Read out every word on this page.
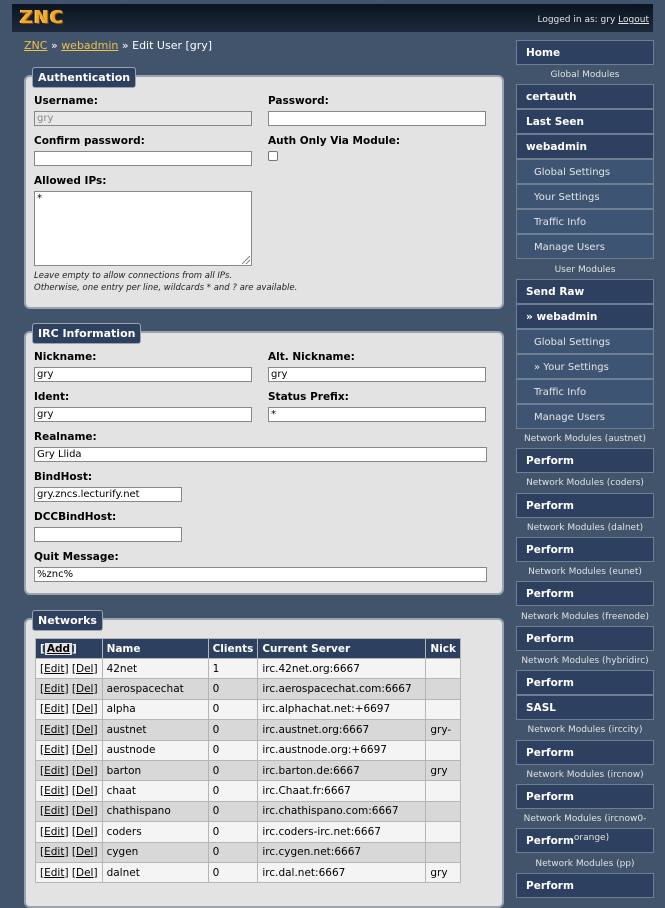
ZNC	Logged in as: gry Logout
ZNC » webadmin » Edit User [gry]
Authentication
Username:
gry
Password:
Confirm password:	Auth Only Via Module:
Allowed IPs:
*
Leave empty to allow connections from all IPs.
Otherwise, one entry per line, wildcards * and ? are available.
IRC Information
Nickname:
gry
Alt. Nickname:
gry
Ident:
gry
Status Prefix:
*
Realname:
Gry Llida
BindHost:
gry.zncs.lecturify.net
DCCBindHost:
Quit Message:
%znc%
Networks
[ Add ]	Name	Clients	Current Server	Nick
[Edit] [Del]	42net	1	irc.42net.org:6667	
[Edit] [Del]	aerospacechat	0	irc.aerospacechat.com:6667	
[Edit] [Del]	alpha	0	irc.alphachat.net:+6697	
[Edit] [Del]	austnet	0	irc.austnet.org:6667	gry-
[Edit] [Del]	austnode	0	irc.austnode.org:+6697	
[Edit] [Del]	barton	0	irc.barton.de:6667	gry
[Edit] [Del]	chaat	0	irc.Chaat.fr:6667	
[Edit] [Del]	chathispano	0	irc.chathispano.com:6667	
[Edit] [Del]	coders	0	irc.coders-irc.net:6667	
[Edit] [Del]	cygen	0	irc.cygen.net:6667	
[Edit] [Del]	dalnet	0	irc.dal.net:6667	gry
Home
Global Modules
certauth
Last Seen
webadmin
Global Settings
Your Settings
Traffic Info
Manage Users
User Modules
Send Raw
» webadmin
Global Settings
» Your Settings
Traffic Info
Manage Users
Network Modules (austnet)
Perform
Network Modules (coders)
Perform
Network Modules (dalnet)
Perform
Network Modules (eunet)
Perform
Network Modules (freenode)
Perform
Network Modules (hybridirc)
Perform
SASL
Network Modules (irccity)
Perform
Network Modules (ircnow)
Perform
Network Modules (ircnow0-
Performorange)
Network Modules (pp)
Perform
